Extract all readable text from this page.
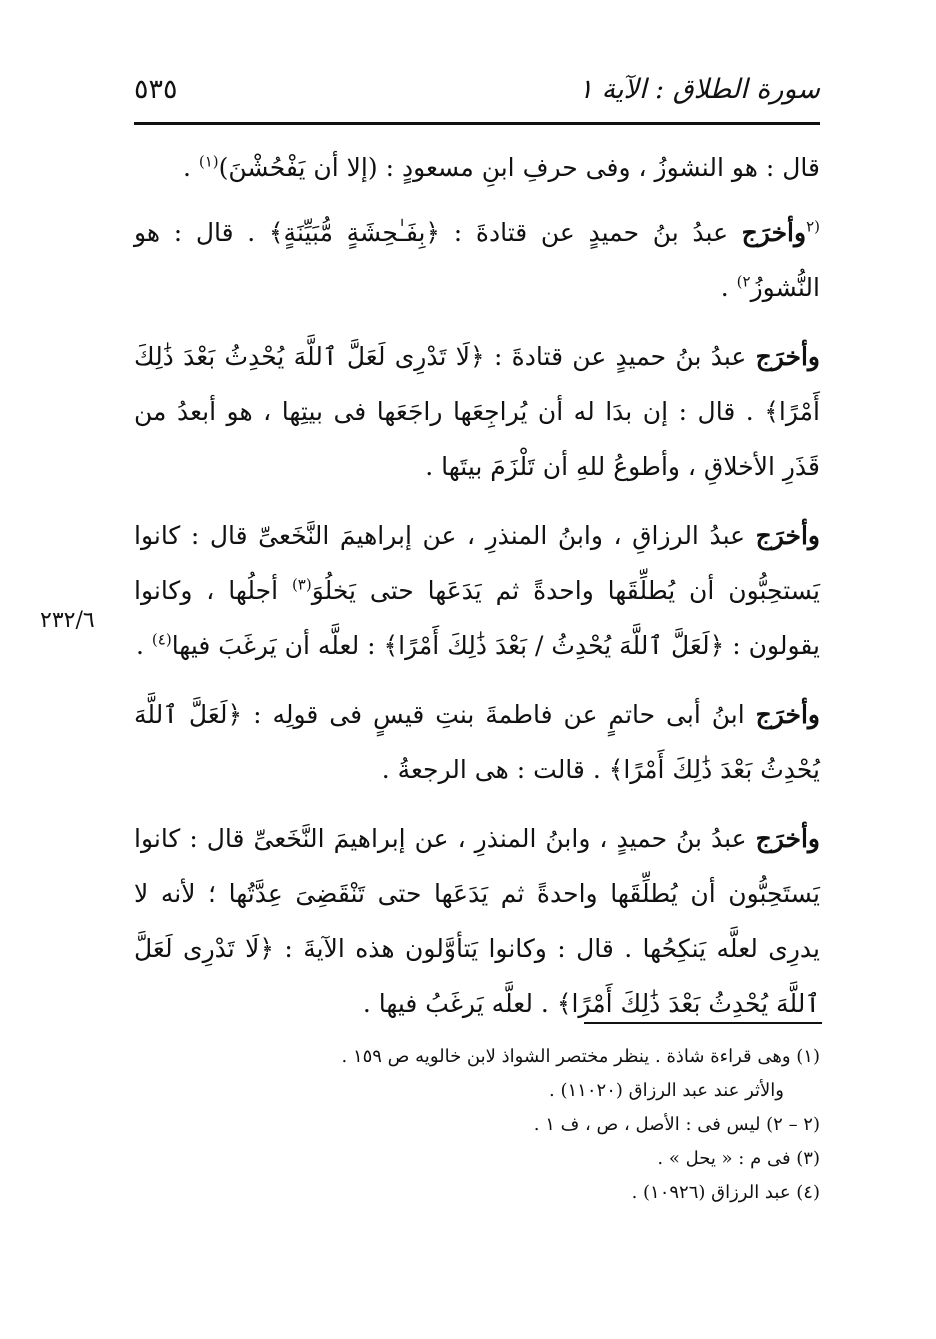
سورة الطلاق : الآية ١
٥٣٥

قال : هو النشوزُ ، وفى حرفِ ابنِ مسعودٍ : (إلا أن يَفْحُشْنَ)$^{(١)}$ .

$^{(٢}$وأخرَج عبدُ بنُ حميدٍ عن قتادةَ : ﴿بِفَـٰحِشَةٍ مُّبَيِّنَةٍ﴾ . قال : هو النُّشوزُ$^{٢)}$ .

وأخرَج عبدُ بنُ حميدٍ عن قتادةَ : ﴿لَا تَدْرِى لَعَلَّ ٱللَّهَ يُحْدِثُ بَعْدَ ذَٰلِكَ أَمْرًا﴾ . قال : إن بدَا له أن يُراجِعَها راجَعَها فى بيتِها ، هو أبعدُ من قَذَرِ الأخلاقِ ، وأطوعُ للهِ أن تَلْزَمَ بيتَها .

وأخرَج عبدُ الرزاقِ ، وابنُ المنذرِ ، عن إبراهيمَ النَّخَعىِّ قال : كانوا يَستحِبُّون أن يُطلِّقَها واحدةً ثم يَدَعَها حتى يَخلُوَ$^{(٣)}$ أجلُها ، وكانوا يقولون : ﴿لَعَلَّ ٱللَّهَ يُحْدِثُ / بَعْدَ ذَٰلِكَ أَمْرًا﴾ : لعلَّه أن يَرغَبَ فيها$^{(٤)}$ .

وأخرَج ابنُ أبى حاتمٍ عن فاطمةَ بنتِ قيسٍ فى قولِه : ﴿لَعَلَّ ٱللَّهَ يُحْدِثُ بَعْدَ ذَٰلِكَ أَمْرًا﴾ . قالت : هى الرجعةُ .

وأخرَج عبدُ بنُ حميدٍ ، وابنُ المنذرِ ، عن إبراهيمَ النَّخَعىِّ قال : كانوا يَستَحِبُّون أن يُطلِّقَها واحدةً ثم يَدَعَها حتى تَنْقَضِىَ عِدَّتُها ؛ لأنه لا يدرِى لعلَّه يَنكِحُها . قال : وكانوا يَتأوَّلون هذه الآيةَ : ﴿لَا تَدْرِى لَعَلَّ ٱللَّهَ يُحْدِثُ بَعْدَ ذَٰلِكَ أَمْرًا﴾ . لعلَّه يَرغَبُ فيها .

٢٣٢/٦

(١) وهى قراءة شاذة . ينظر مختصر الشواذ لابن خالويه ص ١٥٩ .

والأثر عند عبد الرزاق (١١٠٢٠) .

(٢ – ٢) ليس فى : الأصل ، ص ، ف ١ .

(٣) فى م : « يحل » .

(٤) عبد الرزاق (١٠٩٢٦) .
